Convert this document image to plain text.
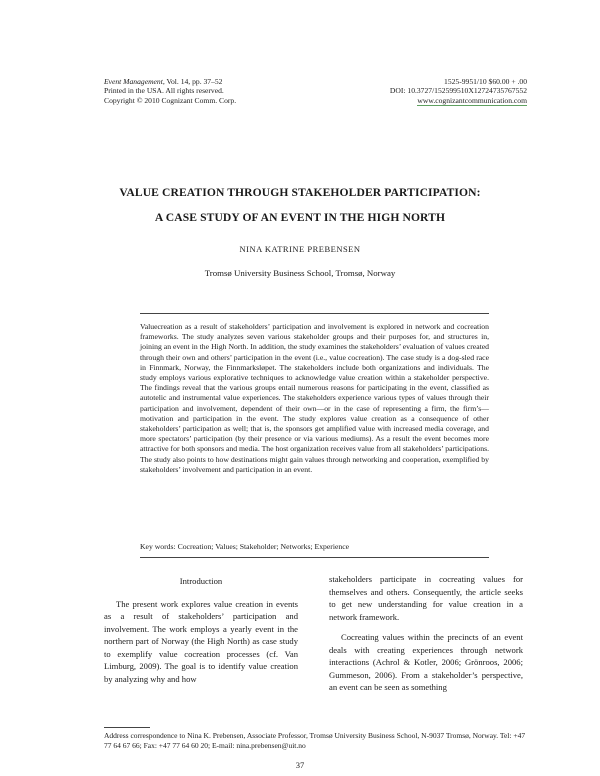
Event Management, Vol. 14, pp. 37–52
Printed in the USA. All rights reserved.
Copyright © 2010 Cognizant Comm. Corp.
1525-9951/10 $60.00 + .00
DOI: 10.3727/152599510X12724735767552
www.cognizantcommunication.com
VALUE CREATION THROUGH STAKEHOLDER PARTICIPATION:
A CASE STUDY OF AN EVENT IN THE HIGH NORTH
NINA KATRINE PREBENSEN
Tromsø University Business School, Tromsø, Norway
Valuecreation as a result of stakeholders’ participation and involvement is explored in network and cocreation frameworks. The study analyzes seven various stakeholder groups and their purposes for, and structures in, joining an event in the High North. In addition, the study examines the stakeholders’ evaluation of values created through their own and others’ participation in the event (i.e., value cocreation). The case study is a dog-sled race in Finnmark, Norway, the Finnmarksløpet. The stakeholders include both organizations and individuals. The study employs various explorative techniques to acknowledge value creation within a stakeholder perspective. The findings reveal that the various groups entail numerous reasons for participating in the event, classified as autotelic and instrumental value experiences. The stakeholders experience various types of values through their participation and involvement, dependent of their own—or in the case of representing a firm, the firm’s—motivation and participation in the event. The study explores value creation as a consequence of other stakeholders’ participation as well; that is, the sponsors get amplified value with increased media coverage, and more spectators’ participation (by their presence or via various mediums). As a result the event becomes more attractive for both sponsors and media. The host organization receives value from all stakeholders’ participations. The study also points to how destinations might gain values through networking and cooperation, exemplified by stakeholders’ involvement and participation in an event.
Key words: Cocreation; Values; Stakeholder; Networks; Experience

Introduction

The present work explores value creation in events as a result of stakeholders’ participation and involvement. The work employs a yearly event in the northern part of Norway (the High North) as case study to exemplify value cocreation processes (cf. Van Limburg, 2009). The goal is to identify value creation by analyzing why and how

stakeholders participate in cocreating values for themselves and others. Consequently, the article seeks to get new understanding for value creation in a network framework.

Cocreating values within the precincts of an event deals with creating experiences through network interactions (Achrol & Kotler, 2006; Grönroos, 2006; Gummeson, 2006). From a stakeholder’s perspective, an event can be seen as something

Address correspondence to Nina K. Prebensen, Associate Professor, Tromsø University Business School, N-9037 Tromsø, Norway. Tel: +47 77 64 67 66; Fax: +47 77 64 60 20; E-mail: nina.prebensen@uit.no
37
